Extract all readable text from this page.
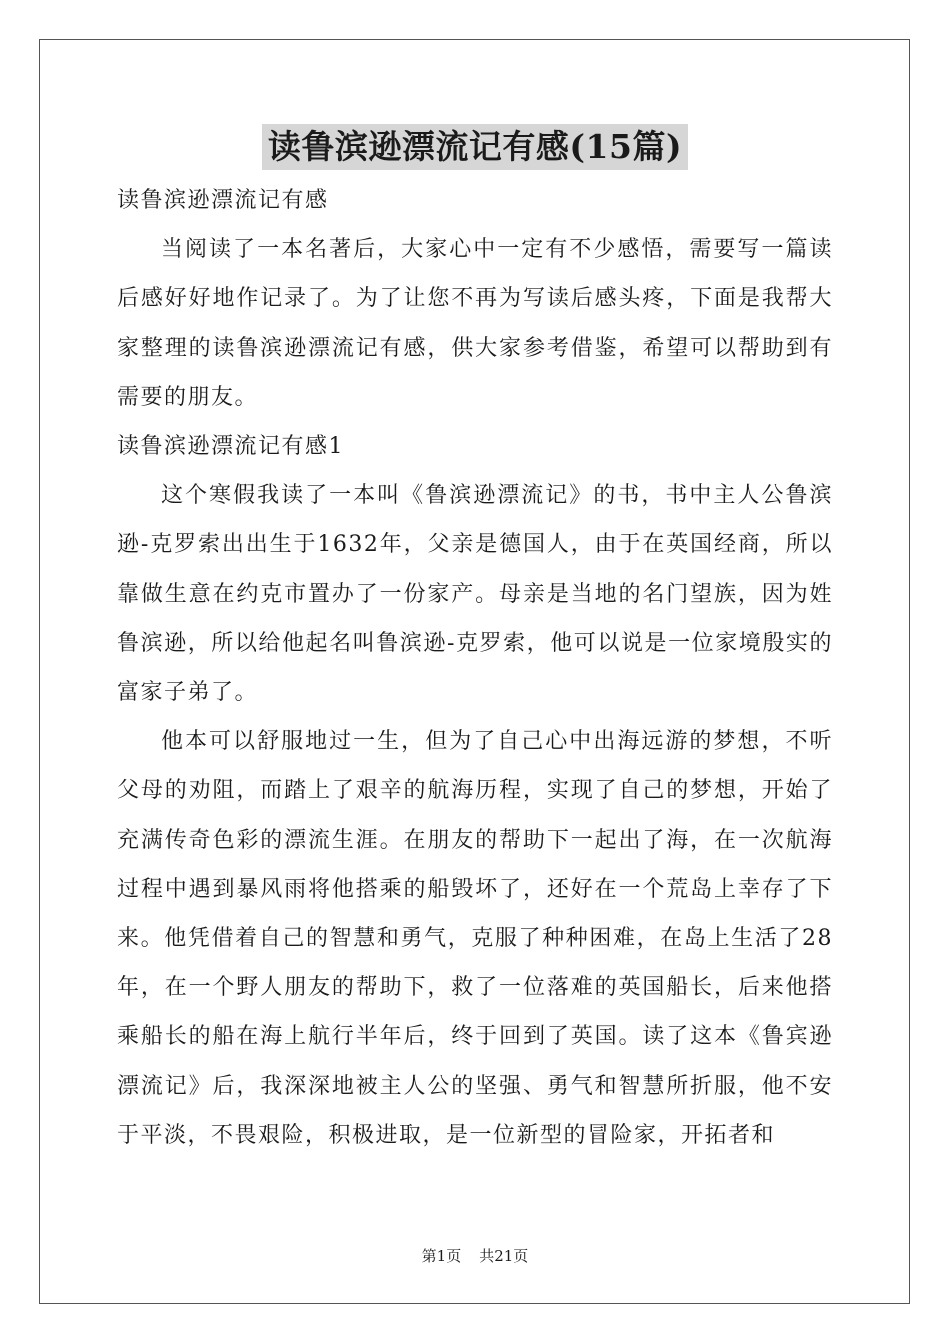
读鲁滨逊漂流记有感(15篇)

读鲁滨逊漂流记有感

当阅读了一本名著后，大家心中一定有不少感悟，需要写一篇读后感好好地作记录了。为了让您不再为写读后感头疼，下面是我帮大家整理的读鲁滨逊漂流记有感，供大家参考借鉴，希望可以帮助到有需要的朋友。

读鲁滨逊漂流记有感1

这个寒假我读了一本叫《鲁滨逊漂流记》的书，书中主人公鲁滨逊-克罗索出出生于1632年，父亲是德国人，由于在英国经商，所以靠做生意在约克市置办了一份家产。母亲是当地的名门望族，因为姓鲁滨逊，所以给他起名叫鲁滨逊-克罗索，他可以说是一位家境殷实的富家子弟了。

他本可以舒服地过一生，但为了自己心中出海远游的梦想，不听父母的劝阻，而踏上了艰辛的航海历程，实现了自己的梦想，开始了充满传奇色彩的漂流生涯。在朋友的帮助下一起出了海，在一次航海过程中遇到暴风雨将他搭乘的船毁坏了，还好在一个荒岛上幸存了下来。他凭借着自己的智慧和勇气，克服了种种困难，在岛上生活了28年，在一个野人朋友的帮助下，救了一位落难的英国船长，后来他搭乘船长的船在海上航行半年后，终于回到了英国。读了这本《鲁宾逊漂流记》后，我深深地被主人公的坚强、勇气和智慧所折服，他不安于平淡，不畏艰险，积极进取，是一位新型的冒险家，开拓者和

第1页 共21页
